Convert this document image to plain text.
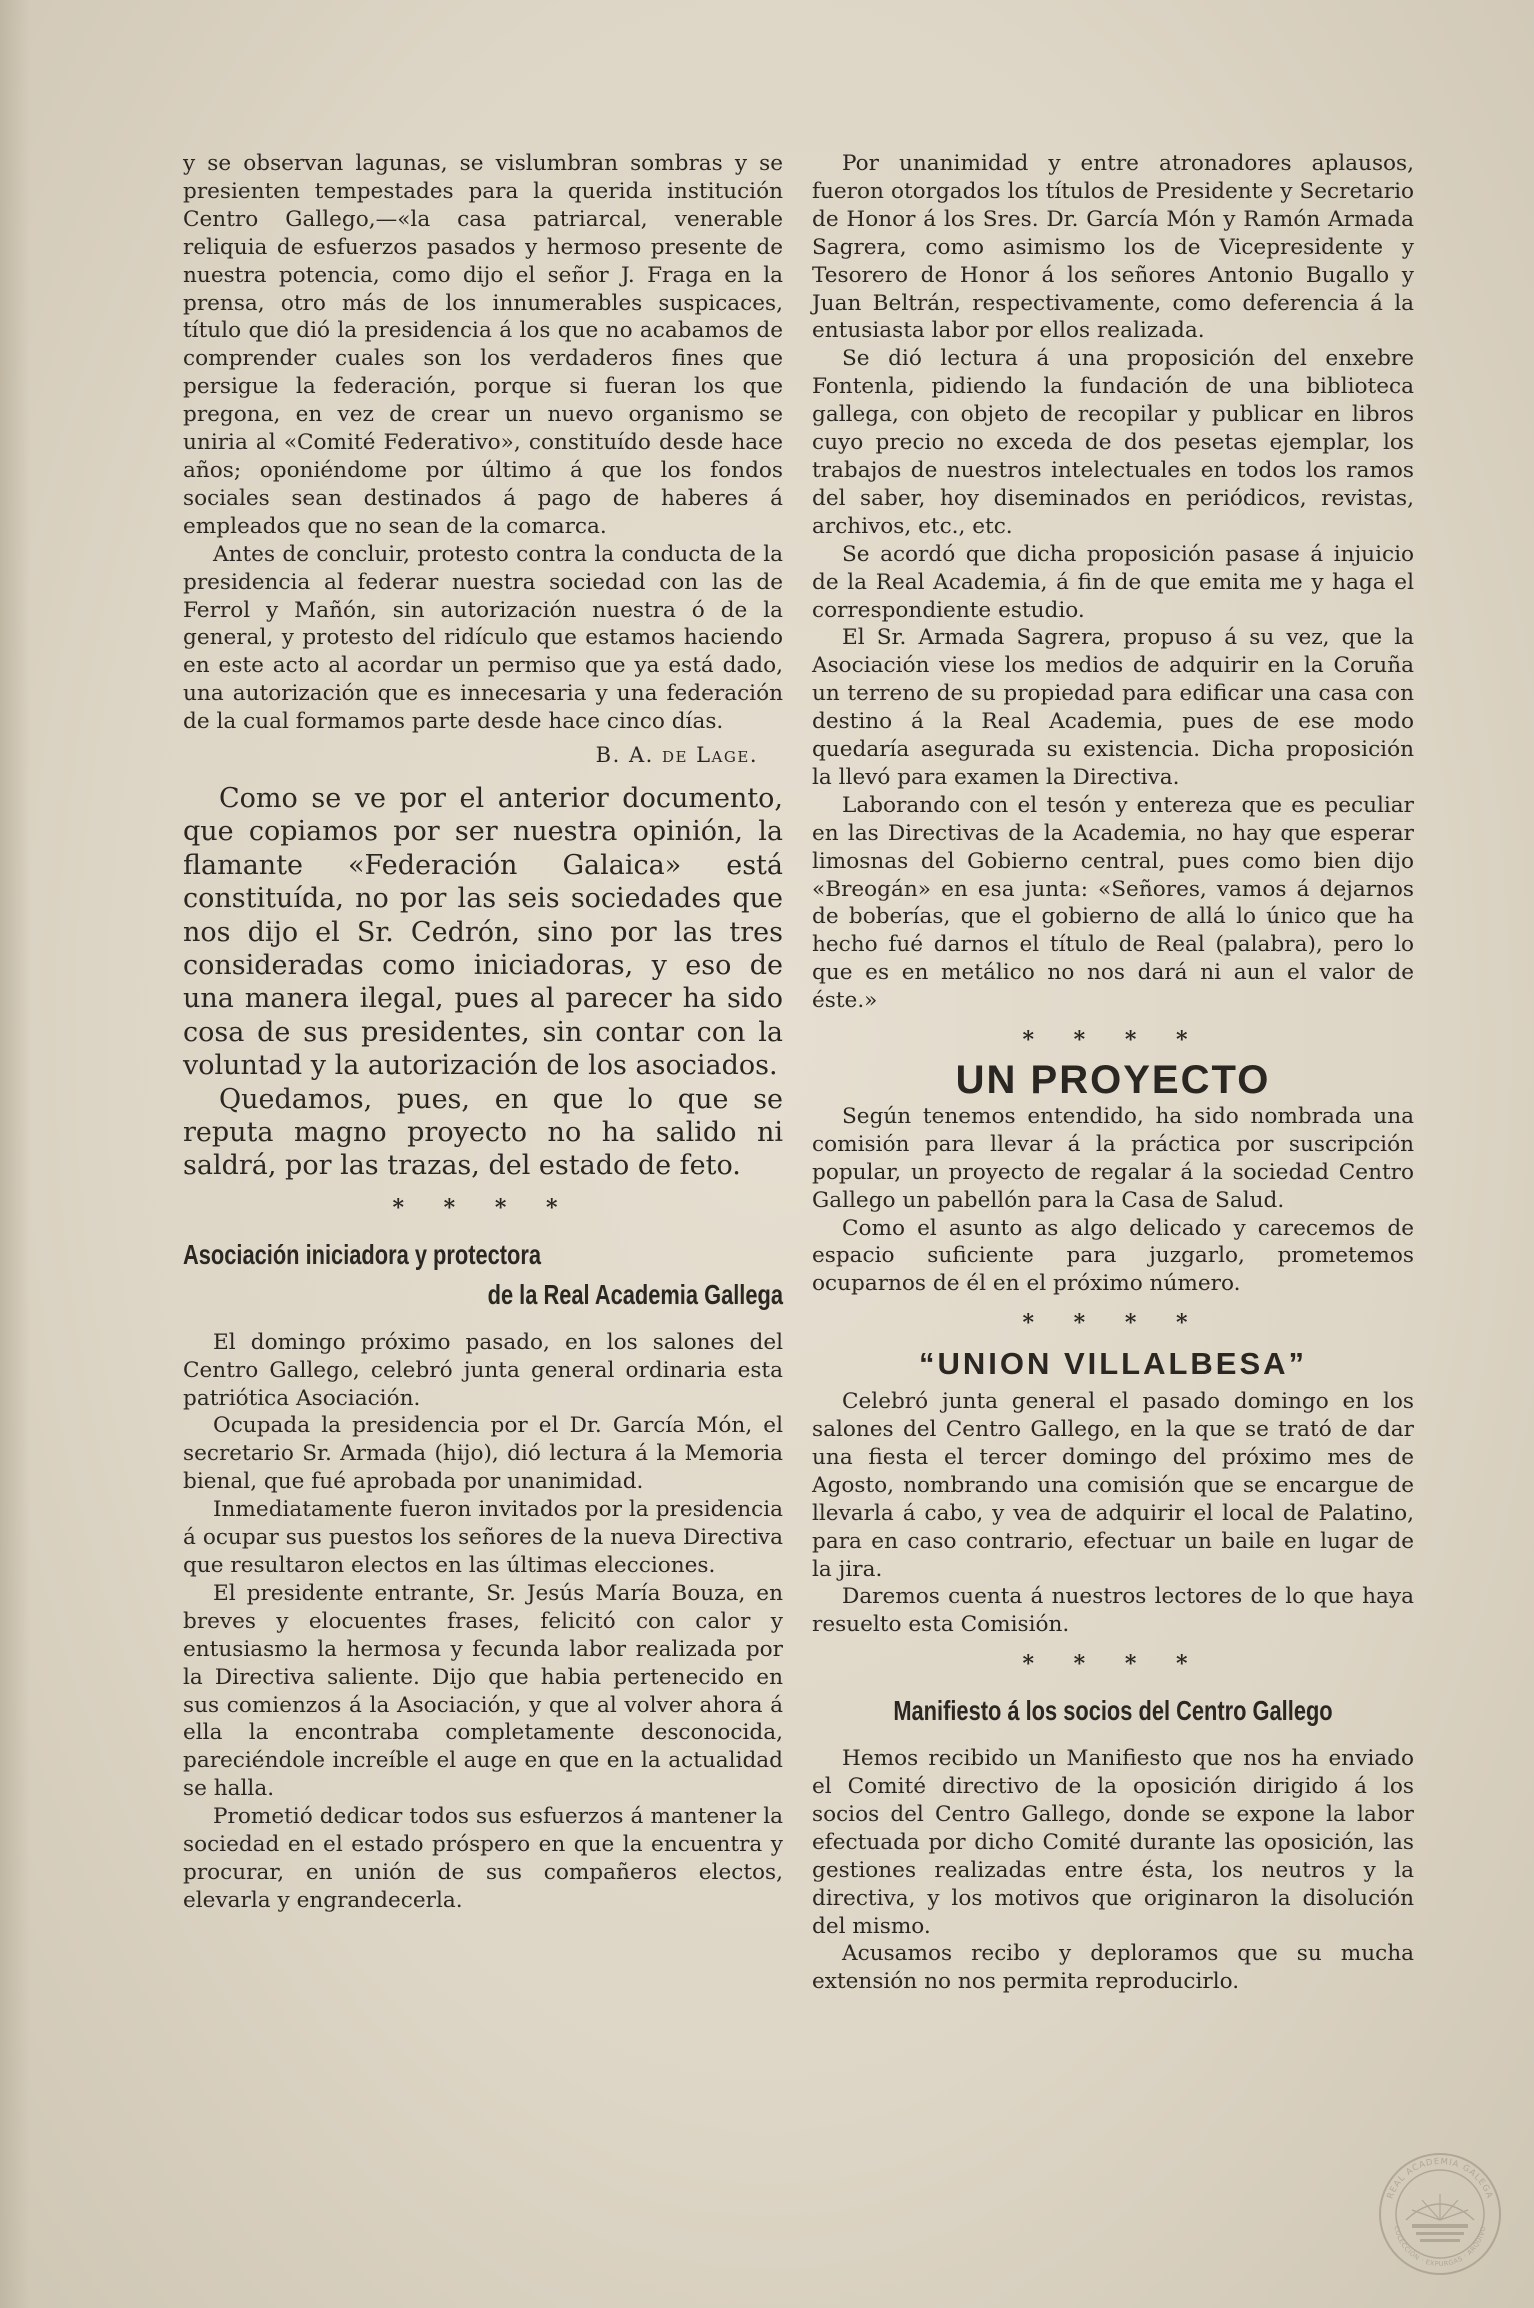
y se observan lagunas, se vislumbran sombras y se presienten tempestades para la querida institución Centro Gallego,—«la casa patriarcal, venerable reliquia de esfuerzos pasados y hermoso presente de nuestra potencia, como dijo el señor J. Fraga en la prensa, otro más de los innumerables suspicaces, título que dió la presidencia á los que no acabamos de comprender cuales son los verdaderos fines que persigue la federación, porque si fueran los que pregona, en vez de crear un nuevo organismo se uniria al «Comité Federativo», constituído desde hace años; oponiéndome por último á que los fondos sociales sean destinados á pago de haberes á empleados que no sean de la comarca.

Antes de concluir, protesto contra la conducta de la presidencia al federar nuestra sociedad con las de Ferrol y Mañón, sin autorización nuestra ó de la general, y protesto del ridículo que estamos haciendo en este acto al acordar un permiso que ya está dado, una autorización que es innecesaria y una federación de la cual formamos parte desde hace cinco días.

B. A. de Lage.

Como se ve por el anterior documento, que copiamos por ser nuestra opinión, la flamante «Federación Galaica» está constituída, no por las seis sociedades que nos dijo el Sr. Cedrón, sino por las tres consideradas como iniciadoras, y eso de una manera ilegal, pues al parecer ha sido cosa de sus presidentes, sin contar con la voluntad y la autorización de los asociados.

Quedamos, pues, en que lo que se reputa magno proyecto no ha salido ni saldrá, por las trazas, del estado de feto.

* * * *
Asociación iniciadora y protectora
de la Real Academia Gallega

El domingo próximo pasado, en los salones del Centro Gallego, celebró junta general ordinaria esta patriótica Asociación.

Ocupada la presidencia por el Dr. García Món, el secretario Sr. Armada (hijo), dió lectura á la Memoria bienal, que fué aprobada por unanimidad.

Inmediatamente fueron invitados por la presidencia á ocupar sus puestos los señores de la nueva Directiva que resultaron electos en las últimas elecciones.

El presidente entrante, Sr. Jesús María Bouza, en breves y elocuentes frases, felicitó con calor y entusiasmo la hermosa y fecunda labor realizada por la Directiva saliente. Dijo que habia pertenecido en sus comienzos á la Asociación, y que al volver ahora á ella la encontraba completamente desconocida, pareciéndole increíble el auge en que en la actualidad se halla.

Prometió dedicar todos sus esfuerzos á mantener la sociedad en el estado próspero en que la encuentra y procurar, en unión de sus compañeros electos, elevarla y engrandecerla.

Por unanimidad y entre atronadores aplausos, fueron otorgados los títulos de Presidente y Secretario de Honor á los Sres. Dr. García Món y Ramón Armada Sagrera, como asimismo los de Vicepresidente y Tesorero de Honor á los señores Antonio Bugallo y Juan Beltrán, respectivamente, como deferencia á la entusiasta labor por ellos realizada.

Se dió lectura á una proposición del enxebre Fontenla, pidiendo la fundación de una biblioteca gallega, con objeto de recopilar y publicar en libros cuyo precio no exceda de dos pesetas ejemplar, los trabajos de nuestros intelectuales en todos los ramos del saber, hoy diseminados en periódicos, revistas, archivos, etc., etc.

Se acordó que dicha proposición pasase á injuicio de la Real Academia, á fin de que emita me y haga el correspondiente estudio.

El Sr. Armada Sagrera, propuso á su vez, que la Asociación viese los medios de adquirir en la Coruña un terreno de su propiedad para edificar una casa con destino á la Real Academia, pues de ese modo quedaría asegurada su existencia. Dicha proposición la llevó para examen la Directiva.

Laborando con el tesón y entereza que es peculiar en las Directivas de la Academia, no hay que esperar limosnas del Gobierno central, pues como bien dijo «Breogán» en esa junta: «Señores, vamos á dejarnos de boberías, que el gobierno de allá lo único que ha hecho fué darnos el título de Real (palabra), pero lo que es en metálico no nos dará ni aun el valor de éste.»

* * * *
UN PROYECTO

Según tenemos entendido, ha sido nombrada una comisión para llevar á la práctica por suscripción popular, un proyecto de regalar á la sociedad Centro Gallego un pabellón para la Casa de Salud.

Como el asunto as algo delicado y carecemos de espacio suficiente para juzgarlo, prometemos ocuparnos de él en el próximo número.

* * * *
“UNION VILLALBESA”

Celebró junta general el pasado domingo en los salones del Centro Gallego, en la que se trató de dar una fiesta el tercer domingo del próximo mes de Agosto, nombrando una comisión que se encargue de llevarla á cabo, y vea de adquirir el local de Palatino, para en caso contrario, efectuar un baile en lugar de la jira.

Daremos cuenta á nuestros lectores de lo que haya resuelto esta Comisión.

* * * *
Manifiesto á los socios del Centro Gallego

Hemos recibido un Manifiesto que nos ha enviado el Comité directivo de la oposición dirigido á los socios del Centro Gallego, donde se expone la labor efectuada por dicho Comité durante las oposición, las gestiones realizadas entre ésta, los neutros y la directiva, y los motivos que originaron la disolución del mismo.

Acusamos recibo y deploramos que su mucha extensión no nos permita reproducirlo.

REAL ACADEMIA GALEGA
COLECCIÓN · EXPURGAS · ARQUIVO
